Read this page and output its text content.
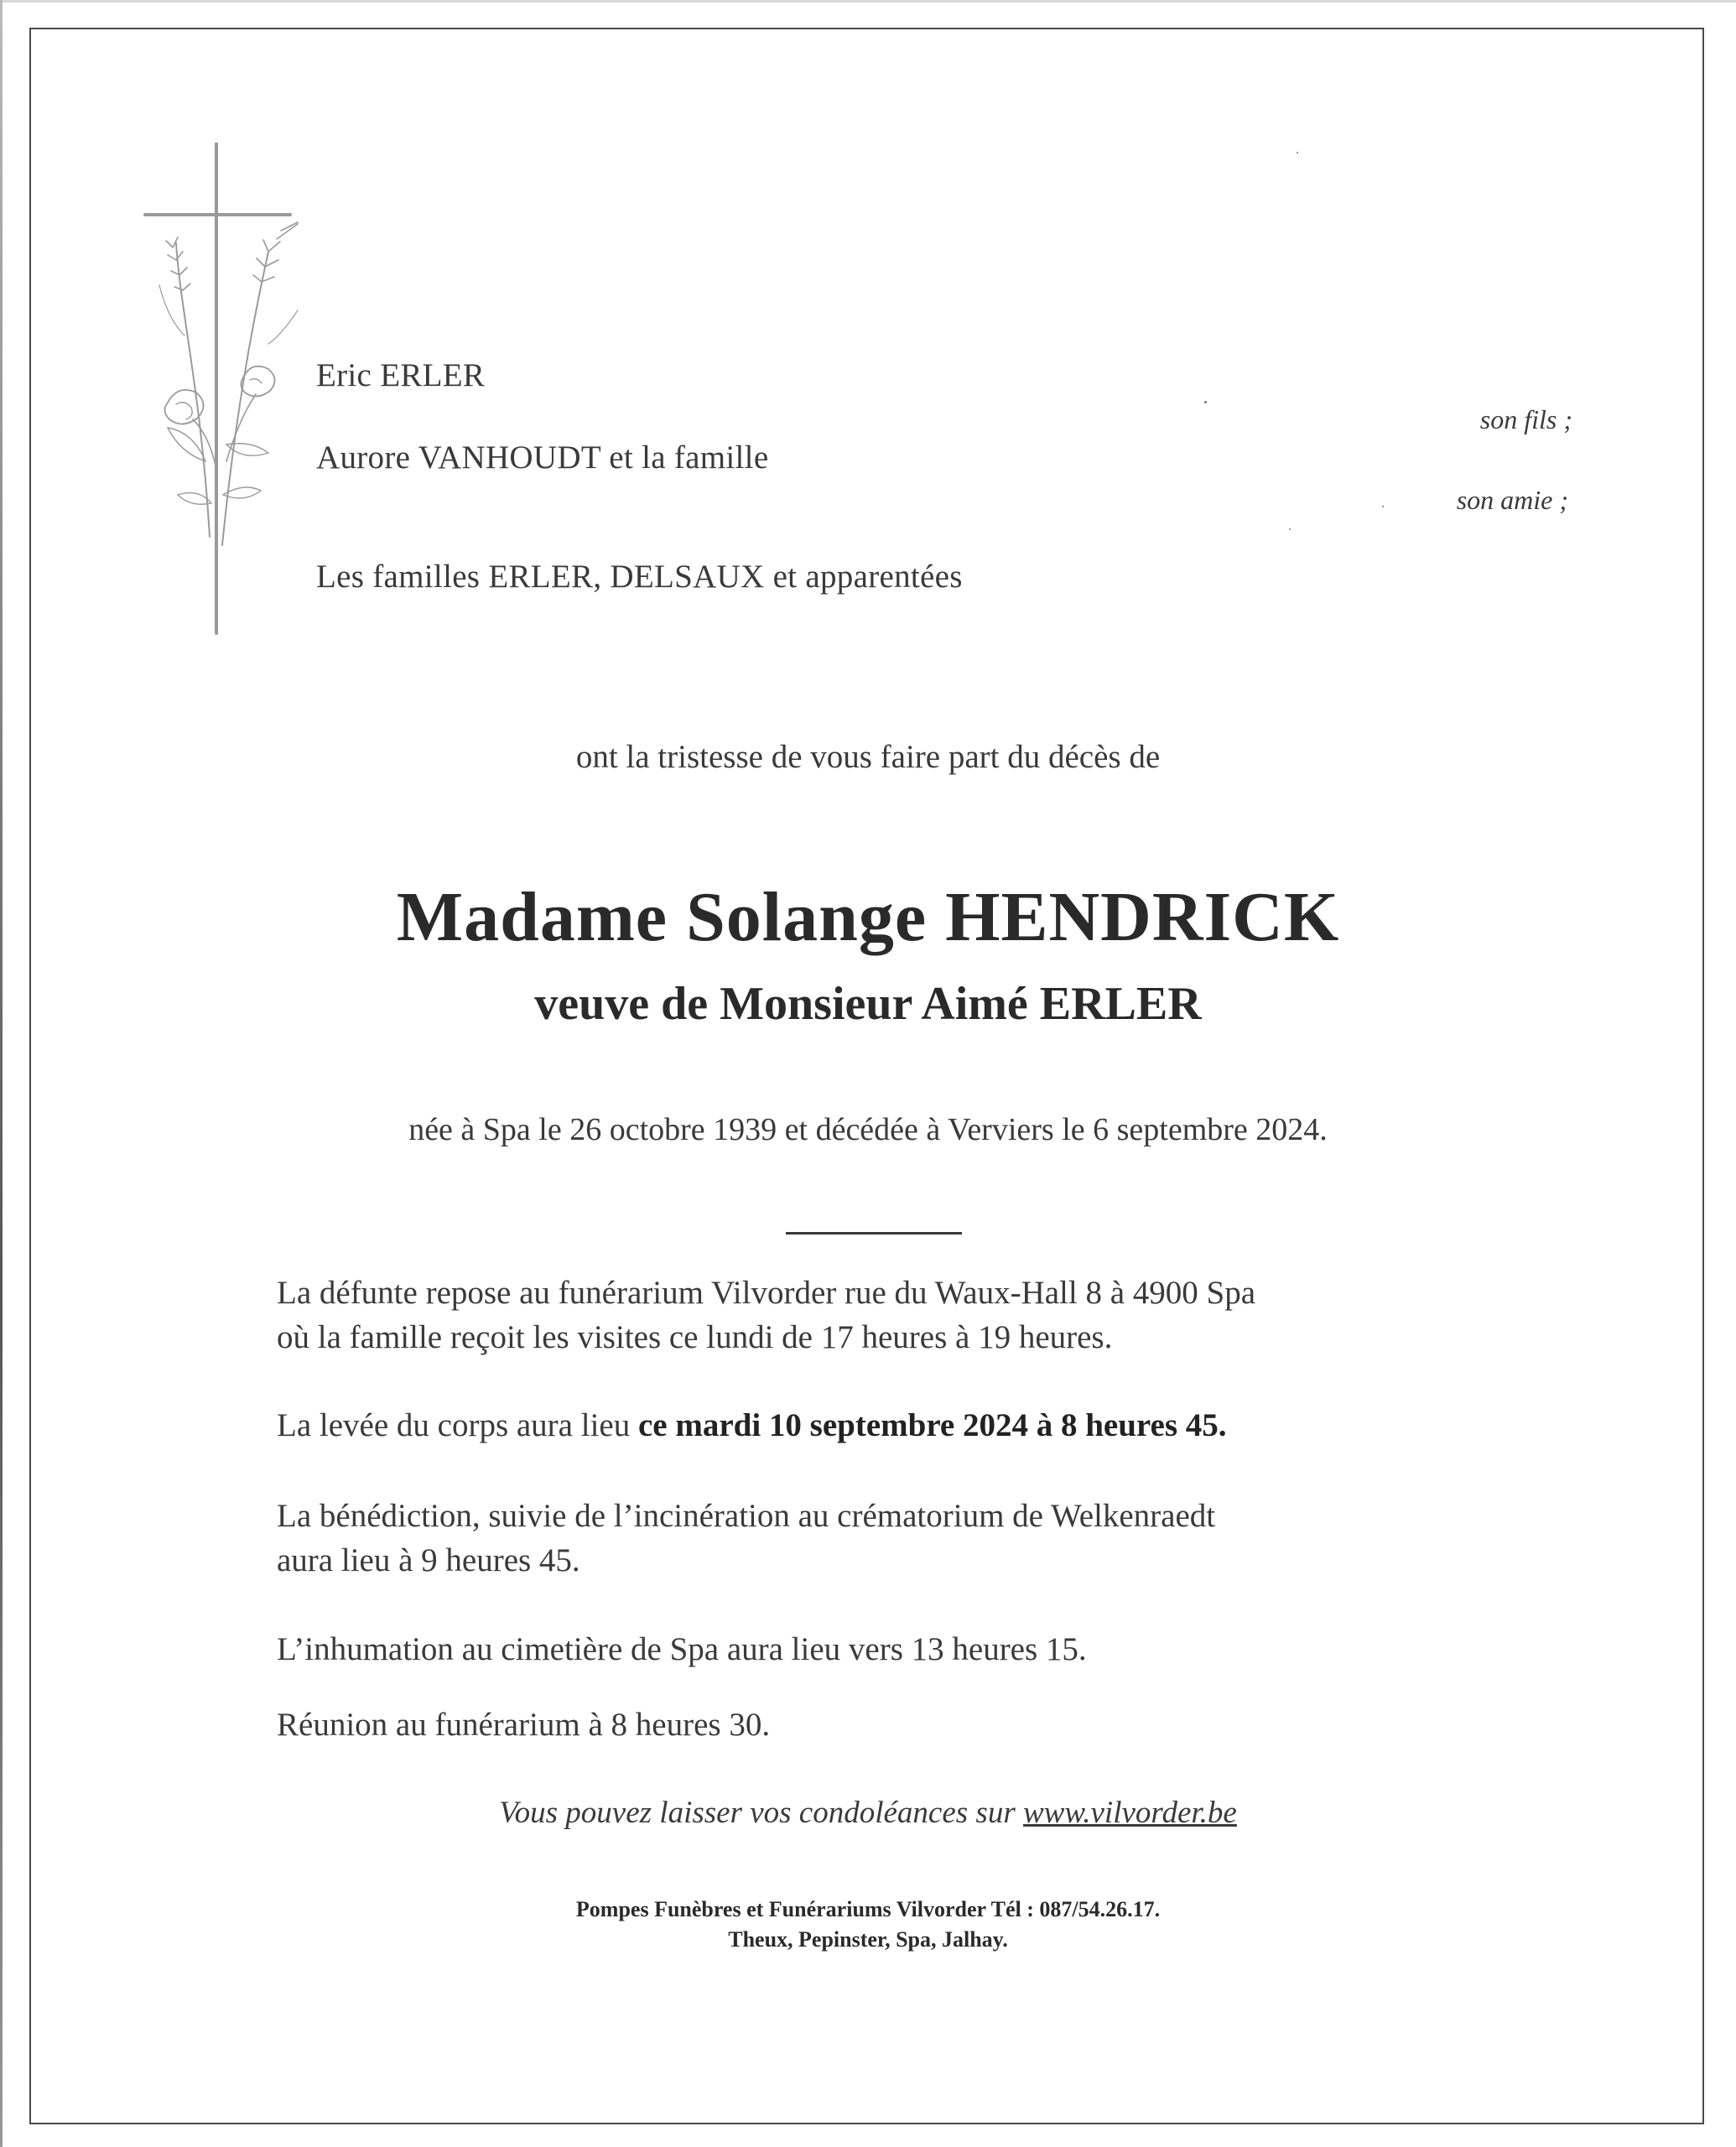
Eric ERLER
son fils ;
Aurore VANHOUDT et la famille
son amie ;
Les familles ERLER, DELSAUX et apparentées
ont la tristesse de vous faire part du décès de
Madame Solange HENDRICK
veuve de Monsieur Aimé ERLER
née à Spa le 26 octobre 1939 et décédée à Verviers le 6 septembre 2024.
La défunte repose au funérarium Vilvorder rue du Waux-Hall 8 à 4900 Spa
où la famille reçoit les visites ce lundi de 17 heures à 19 heures.
La levée du corps aura lieu ce mardi 10 septembre 2024 à 8 heures 45.
La bénédiction, suivie de l’incinération au crématorium de Welkenraedt
aura lieu à 9 heures 45.
L’inhumation au cimetière de Spa aura lieu vers 13 heures 15.
Réunion au funérarium à 8 heures 30.
Vous pouvez laisser vos condoléances sur www.vilvorder.be
Pompes Funèbres et Funérariums Vilvorder Tél : 087/54.26.17.
Theux, Pepinster, Spa, Jalhay.
